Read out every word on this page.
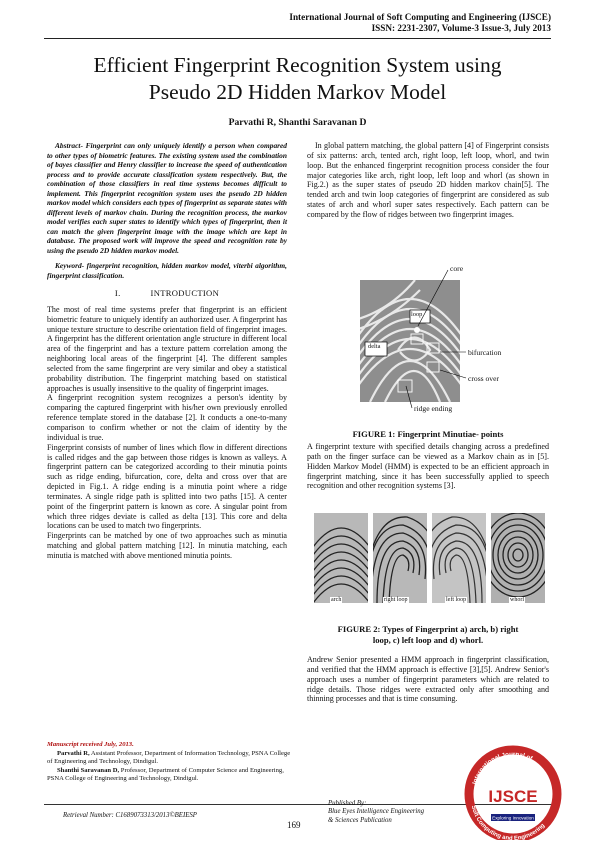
International Journal of Soft Computing and Engineering (IJSCE)
ISSN: 2231-2307, Volume-3 Issue-3, July 2013
Efficient Fingerprint Recognition System using
Pseudo 2D Hidden Markov Model
Parvathi R, Shanthi Saravanan D

Abstract- Fingerprint can only uniquely identify a person when compared to other types of biometric features. The existing system used the combination of bayes classifier and Henry classifier to increase the speed of authentication process and to provide accurate classification system respectively. But, the combination of those classifiers in real time systems becomes difficult to implement. This fingerprint recognition system uses the pseudo 2D hidden markov model which considers each types of fingerprint as separate states with different levels of markov chain. During the recognition process, the markov model verifies each super states to identify which types of fingerprint, then it can match the given fingerprint image with the image which are kept in database. The proposed work will improve the speed and recognition rate by using the pseudo 2D hidden markov model.

Keyword- fingerprint recognition, hidden markov model, viterbi algorithm, fingerprint classification.

I.	INTRODUCTION

The most of real time systems prefer that fingerprint is an efficient biometric feature to uniquely identify an authorized user. A fingerprint has unique texture structure to describe orientation field of fingerprint images. A fingerprint has the different orientation angle structure in different local area of the fingerprint and has a texture pattern correlation among the neighboring local areas of the fingerprint [4]. The different samples selected from the same fingerprint are very similar and obey a statistical probability distribution. The fingerprint matching based on statistical approaches is usually insensitive to the quality of fingerprint images.

A fingerprint recognition system recognizes a person's identity by comparing the captured fingerprint with his/her own previously enrolled reference template stored in the database [2]. It conducts a one-to-many comparison to confirm whether or not the claim of identity by the individual is true.

Fingerprint consists of number of lines which flow in different directions is called ridges and the gap between those ridges is known as valleys. A fingerprint pattern can be categorized according to their minutia points such as ridge ending, bifurcation, core, delta and cross over that are depicted in Fig.1. A ridge ending is a minutia point where a ridge terminates. A single ridge path is splitted into two paths [15]. A center point of the fingerprint pattern is known as core. A singular point from which three ridges deviate is called as delta [13]. This core and delta locations can be used to match two fingerprints.

Fingerprints can be matched by one of two approaches such as minutia matching and global pattern matching [12]. In minutia matching, each minutia is matched with above mentioned minutia points.

In global pattern matching, the global pattern [4] of Fingerprint consists of six patterns: arch, tented arch, right loop, left loop, whorl, and twin loop. But the enhanced fingerprint recognition process consider the four major categories like arch, right loop, left loop and whorl (as shown in Fig.2.) as the super states of pseudo 2D hidden markov chain[5]. The tended arch and twin loop categories of fingerprint are considered as sub states of arch and whorl super sates respectively. Each pattern can be compared by the flow of ridges between two fingerprint images.

core
loop
delta
bifurcation
cross over
ridge ending
FIGURE 1: Fingerprint Minutiae- points

A fingerprint texture with specified details changing across a predefined path on the finger surface can be viewed as a Markov chain as in [5]. Hidden Markov Model (HMM) is expected to be an efficient approach in fingerprint matching, since it has been successfully applied to speech recognition and other recognition systems [3].

arch	right loop	left loop	whorl
FIGURE 2: Types of Fingerprint a) arch, b) right
loop, c) left loop and d) whorl.

Andrew Senior presented a HMM approach in fingerprint classification, and verified that the HMM approach is effective [3],[5]. Andrew Senior's approach uses a number of fingerprint parameters which are related to ridge details. Those ridges were extracted only after smoothing and thinning processes and that is time consuming.

Manuscript received July, 2013.

Parvathi R, Assistant Professor, Department of Information Technology, PSNA College of Engineering and Technology, Dindigul.

Shanthi Saravanan D, Professor, Department of Computer Science and Engineering, PSNA College of Engineering and Technology, Dindigul.

Retrieval Number: C1689073313/2013©BEIESP
169
Published By:
Blue Eyes Intelligence Engineering
& Sciences Publication
International Journal of
Soft Computing and Engineering
IJSCE
Exploring Innovation
